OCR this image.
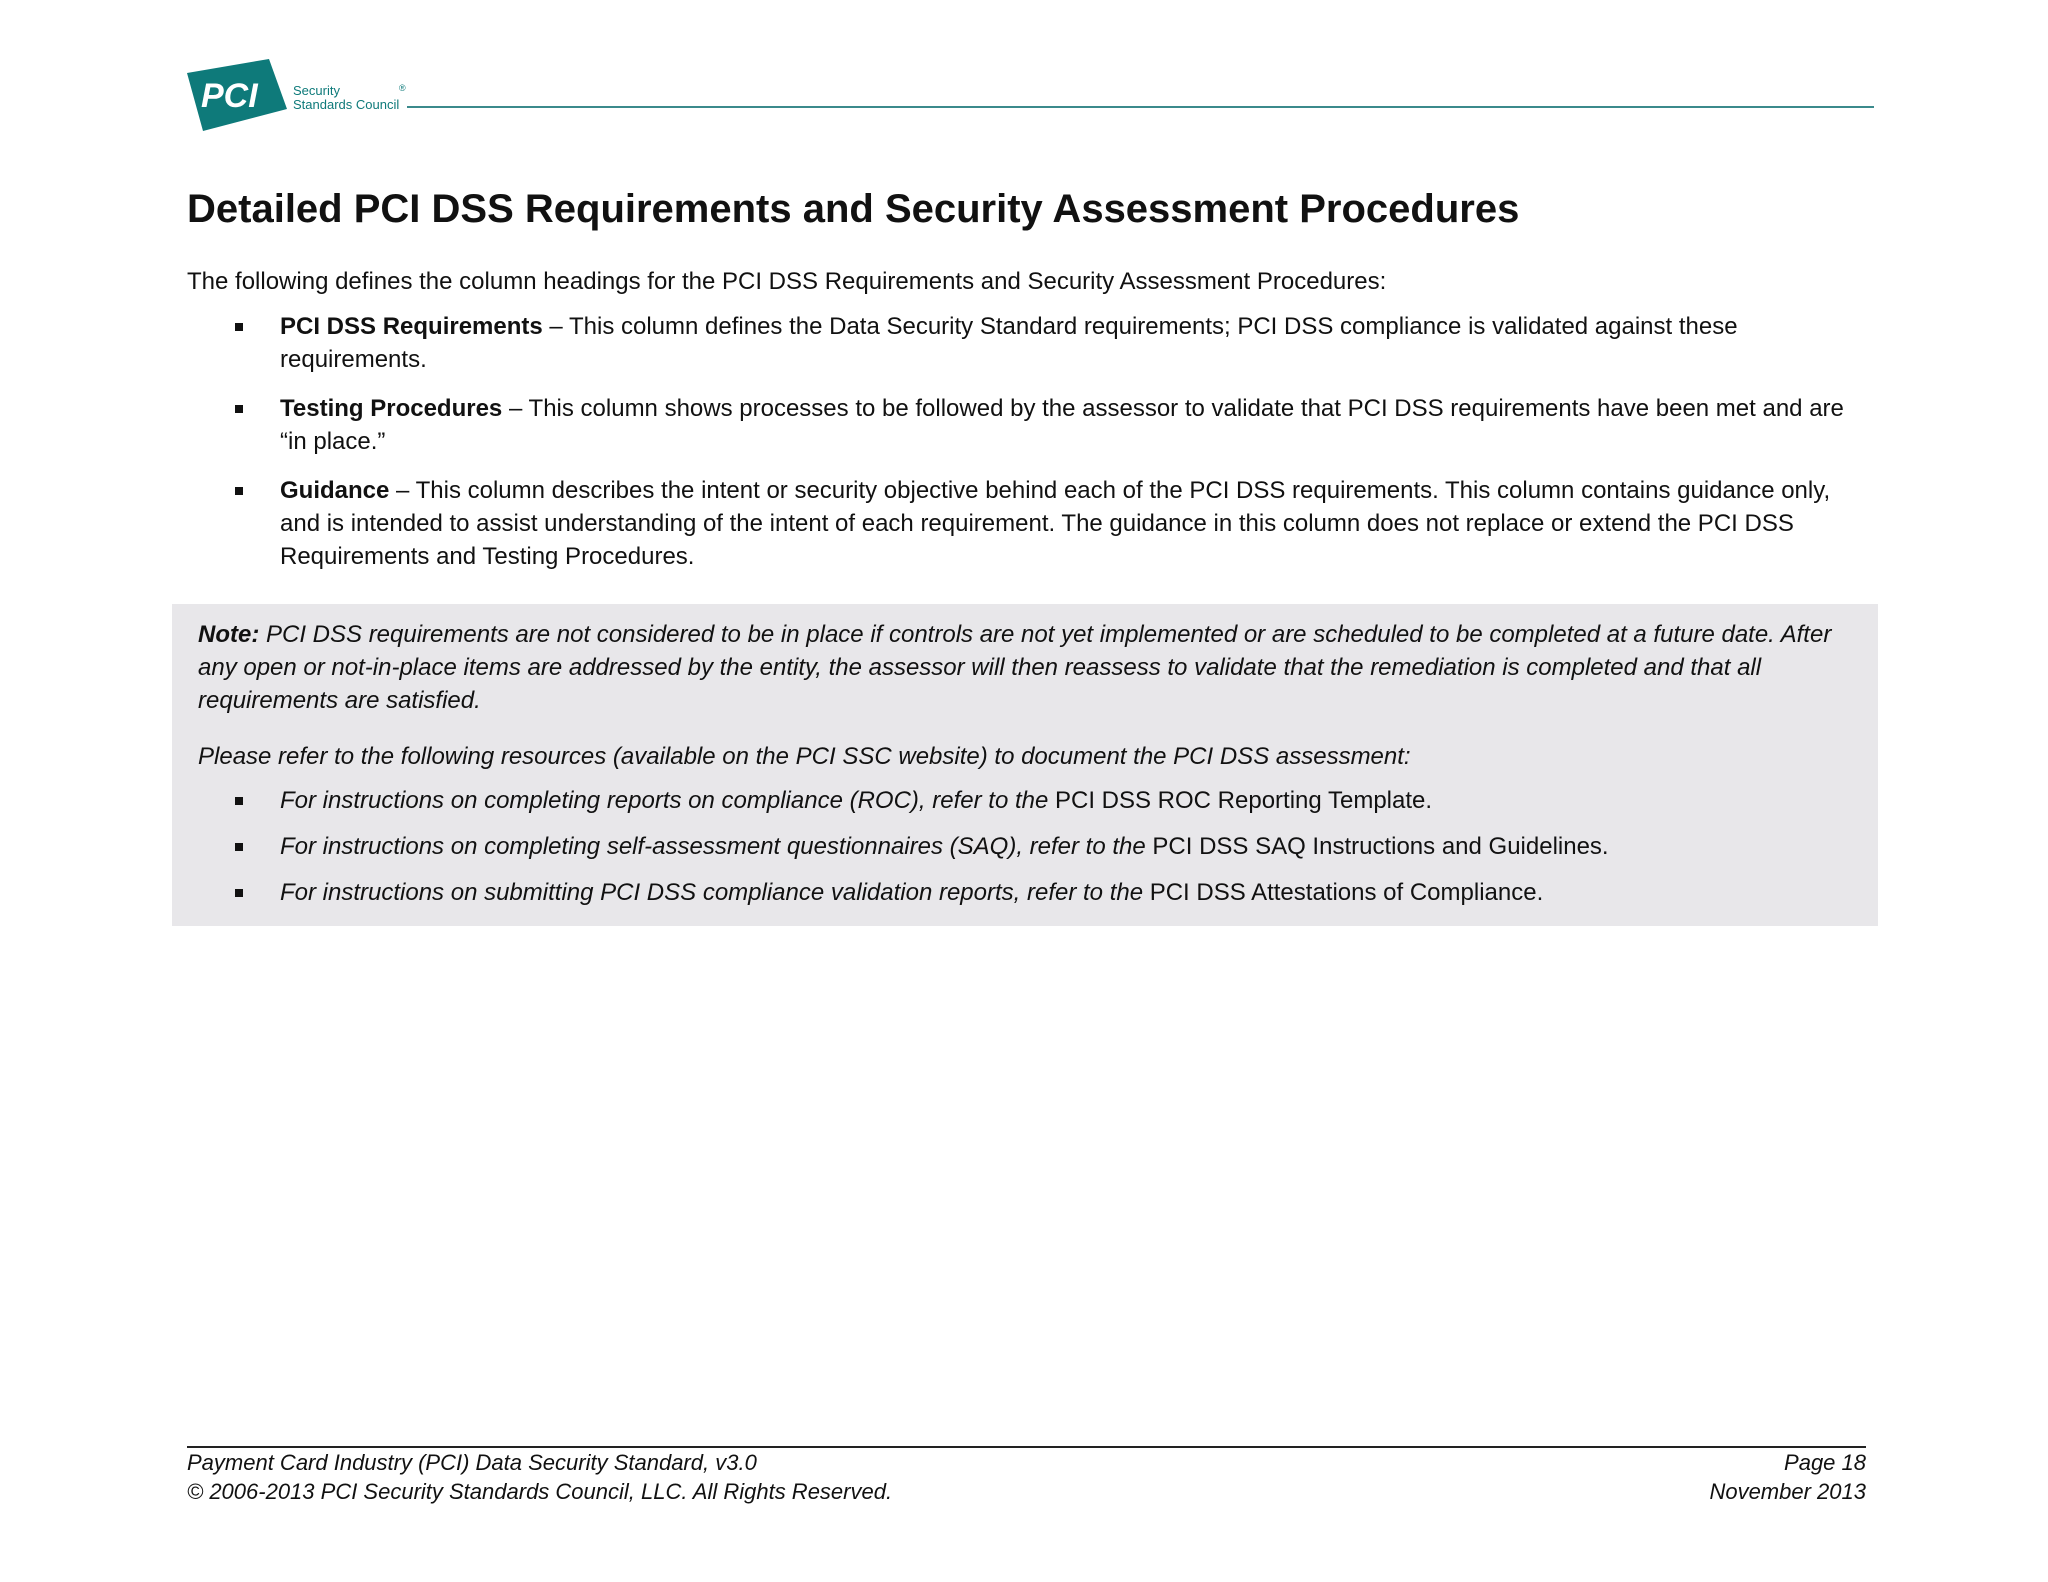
PCI	Security
Standards Council
®
Detailed PCI DSS Requirements and Security Assessment Procedures

The following defines the column headings for the PCI DSS Requirements and Security Assessment Procedures:

PCI DSS Requirements – This column defines the Data Security Standard requirements; PCI DSS compliance is validated against these requirements.
Testing Procedures – This column shows processes to be followed by the assessor to validate that PCI DSS requirements have been met and are “in place.”
Guidance – This column describes the intent or security objective behind each of the PCI DSS requirements. This column contains guidance only, and is intended to assist understanding of the intent of each requirement. The guidance in this column does not replace or extend the PCI DSS Requirements and Testing Procedures.

Note: PCI DSS requirements are not considered to be in place if controls are not yet implemented or are scheduled to be completed at a future date. After any open or not-in-place items are addressed by the entity, the assessor will then reassess to validate that the remediation is completed and that all requirements are satisfied.

Please refer to the following resources (available on the PCI SSC website) to document the PCI DSS assessment:

For instructions on completing reports on compliance (ROC), refer to the PCI DSS ROC Reporting Template.
For instructions on completing self-assessment questionnaires (SAQ), refer to the PCI DSS SAQ Instructions and Guidelines.
For instructions on submitting PCI DSS compliance validation reports, refer to the PCI DSS Attestations of Compliance.
Payment Card Industry (PCI) Data Security Standard, v3.0	Page 18
© 2006-2013 PCI Security Standards Council, LLC. All Rights Reserved.	November 2013
